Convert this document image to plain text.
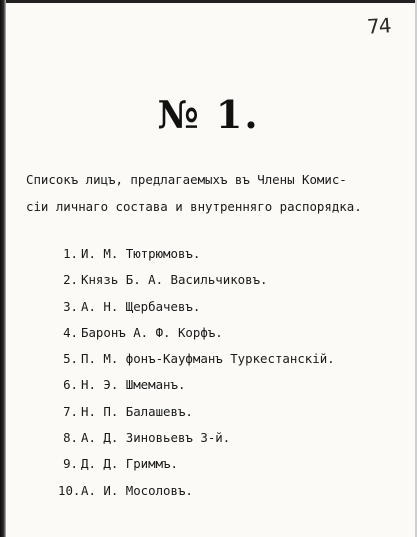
74
№ 1.
Списокъ лицъ, предлагаемыхъ въ Члены Комис-
сіи личнаго состава и внутренняго распорядка.
1. И. М. Тютрюмовъ.
2. Князь Б. А. Васильчиковъ.
3. А. Н. Щербачевъ.
4. Баронъ А. Ф. Корфъ.
5. П. М. фонъ-Кауфманъ Туркестанскій.
6. Н. Э. Шмеманъ.
7. Н. П. Балашевъ.
8. А. Д. Зиновьевъ 3-й.
9. Д. Д. Гриммъ.
10.А. И. Мосоловъ.
